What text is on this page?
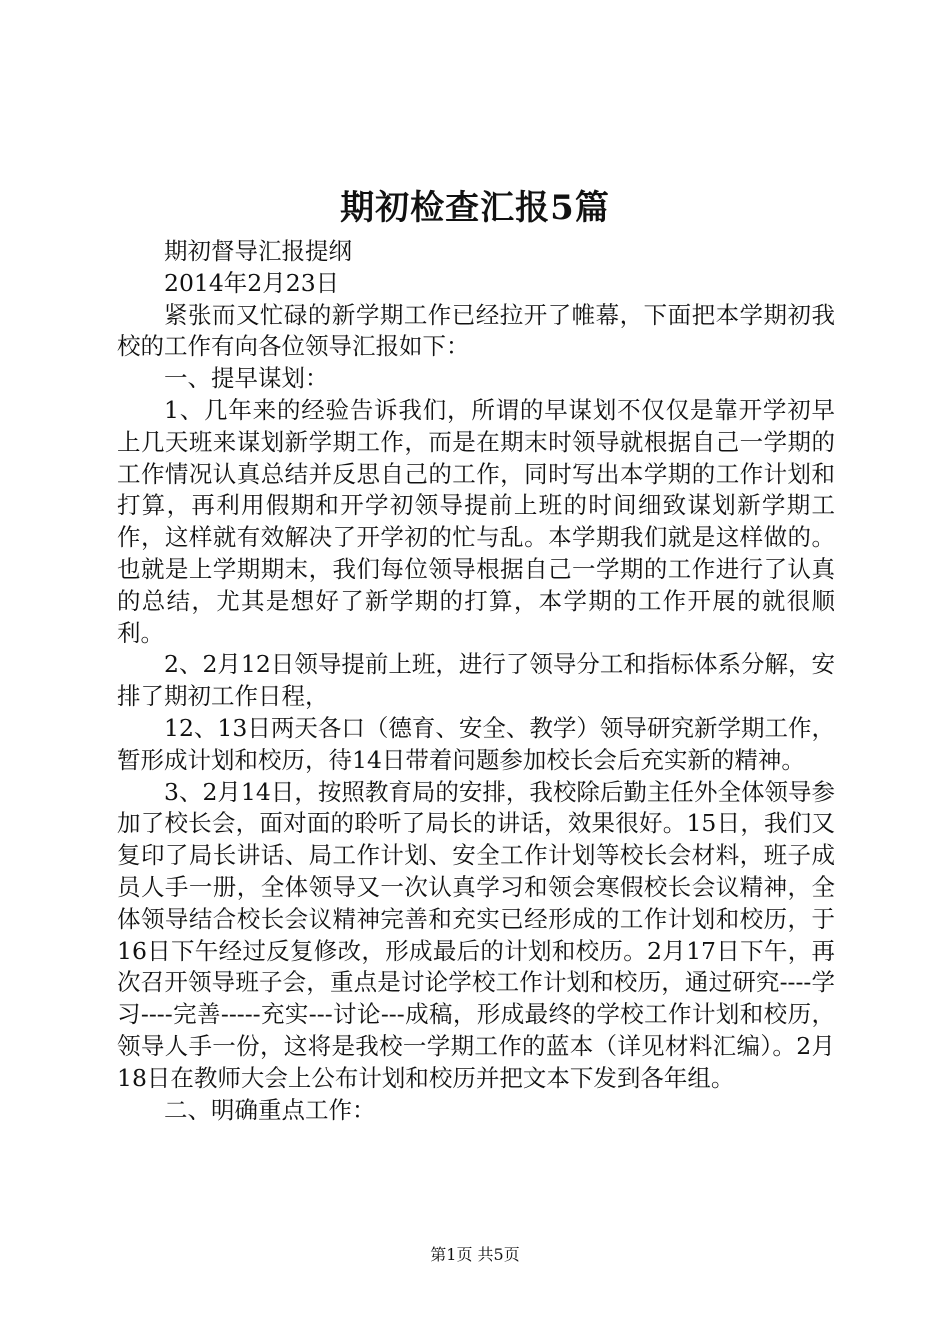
期初检查汇报5篇

期初督导汇报提纲

2014年2月23日

紧张而又忙碌的新学期工作已经拉开了帷幕，下面把本学期初我校的工作有向各位领导汇报如下：

一、提早谋划：

1、几年来的经验告诉我们，所谓的早谋划不仅仅是靠开学初早上几天班来谋划新学期工作，而是在期末时领导就根据自己一学期的工作情况认真总结并反思自己的工作，同时写出本学期的工作计划和打算，再利用假期和开学初领导提前上班的时间细致谋划新学期工作，这样就有效解决了开学初的忙与乱。本学期我们就是这样做的。也就是上学期期末，我们每位领导根据自己一学期的工作进行了认真的总结，尤其是想好了新学期的打算，本学期的工作开展的就很顺利。

2、2月12日领导提前上班，进行了领导分工和指标体系分解，安排了期初工作日程，

12、13日两天各口（德育、安全、教学）领导研究新学期工作，暂形成计划和校历，待14日带着问题参加校长会后充实新的精神。

3、2月14日，按照教育局的安排，我校除后勤主任外全体领导参加了校长会，面对面的聆听了局长的讲话，效果很好。15日，我们又复印了局长讲话、局工作计划、安全工作计划等校长会材料，班子成员人手一册，全体领导又一次认真学习和领会寒假校长会议精神，全体领导结合校长会议精神完善和充实已经形成的工作计划和校历，于16日下午经过反复修改，形成最后的计划和校历。2月17日下午，再次召开领导班子会，重点是讨论学校工作计划和校历，通过研究----学习----完善-----充实---讨论---成稿，形成最终的学校工作计划和校历，领导人手一份，这将是我校一学期工作的蓝本（详见材料汇编）。2月18日在教师大会上公布计划和校历并把文本下发到各年组。

二、明确重点工作：

第1页 共5页
